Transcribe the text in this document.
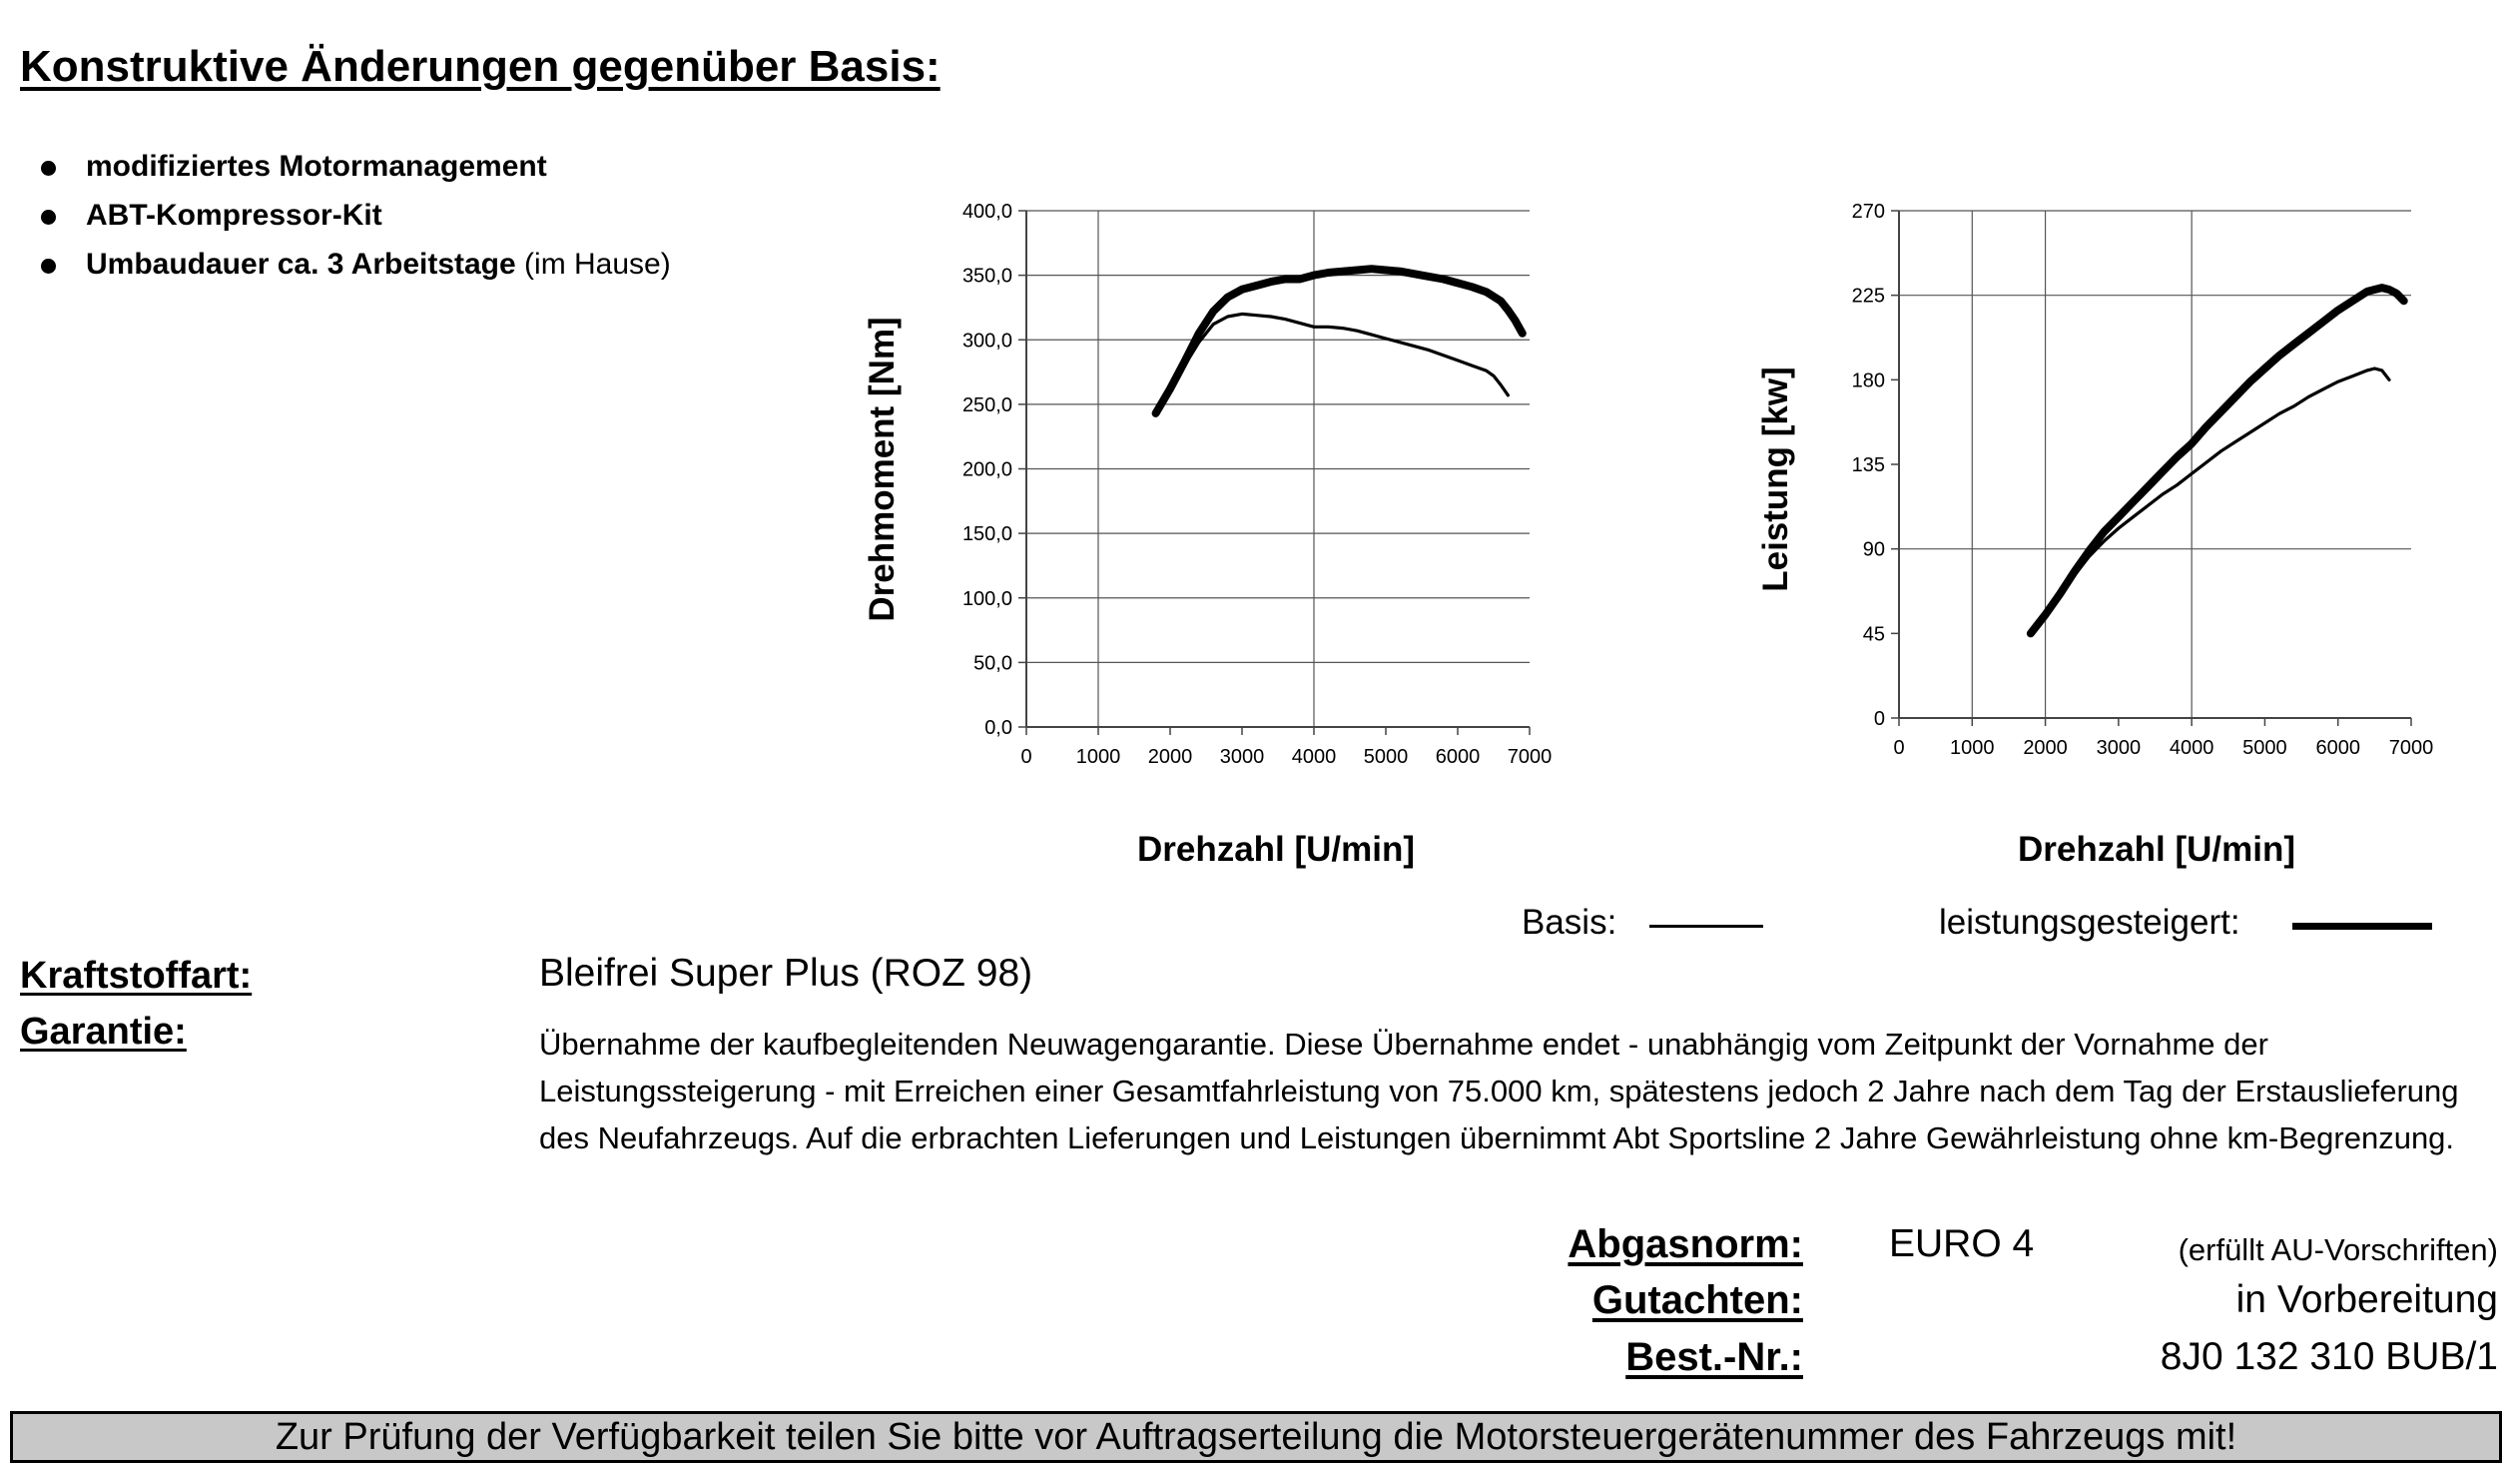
Konstruktive Änderungen gegenüber Basis:
modifiziertes Motormanagement
ABT-Kompressor-Kit
Umbaudauer ca. 3 Arbeitstage (im Hause)
0,0
50,0
100,0
150,0
200,0
250,0
300,0
350,0
400,0
0 1000 2000 3000 4000 5000 6000 7000
Drehzahl [U/min]
Drehmoment [Nm]
0
45
90
135
180
225
270
0 1000 2000 3000 4000 5000 6000 7000
Drehzahl [U/min]
Leistung [kw]
Basis:	leistungsgesteigert:
Kraftstoffart:	Bleifrei Super Plus (ROZ 98)
Garantie:	Übernahme der kaufbegleitenden Neuwagengarantie. Diese Übernahme endet - unabhängig vom Zeitpunkt der Vornahme der Leistungssteigerung - mit Erreichen einer Gesamtfahrleistung von 75.000 km, spätestens jedoch 2 Jahre nach dem Tag der Erstauslieferung des Neufahrzeugs. Auf die erbrachten Lieferungen und Leistungen übernimmt Abt Sportsline 2 Jahre Gewährleistung ohne km-Begrenzung.
Abgasnorm: EURO 4	(erfüllt AU-Vorschriften)
Gutachten:	in Vorbereitung
Best.-Nr.:	8J0 132 310 BUB/1
Zur Prüfung der Verfügbarkeit teilen Sie bitte vor Auftragserteilung die Motorsteuergerätenummer des Fahrzeugs mit!
